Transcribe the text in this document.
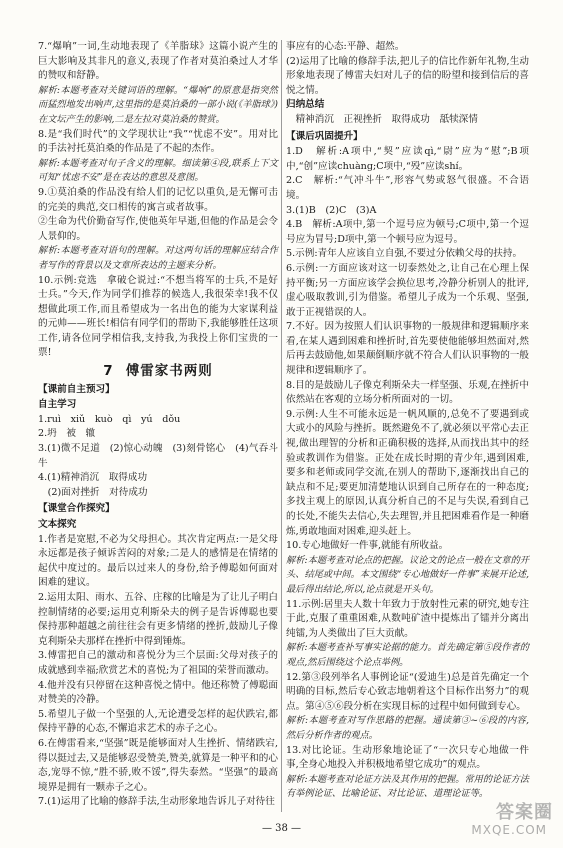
7.“爆响”一词,生动地表现了《羊脂球》这篇小说产生的巨大影响及其非凡的意义,表现了作者对莫泊桑过人才华的赞叹和舒静。

解析:本题考查对关键词语的理解。“爆响”的原意是指突然而猛烈地发出响声,这里指的是莫泊桑的一部小说(《羊脂球》)在文坛产生的影响,二是左拉对莫泊桑的赞赏。

8.是“我们时代”的文学现状让“我”“忧虑不安”。用对比的手法衬托莫泊桑的作品是了不起的杰作。

解析:本题考查对句子含义的理解。细读第④段,联系上下文可知“忧虑不安”是在表达的意思及意图。

9.①莫泊桑的作品没有给人们的记忆以重负,是无懈可击的完美的典范,交口相传的寓言或者故事。

②生命为代价勤奋写作,使他英年早逝,但他的作品是会令人景仰的。

解析:本题考查对语句的理解。对这两句话的理解应结合作者写作的背景以及文章所表达的主题来分析。

10.示例:竞选　拿破仑说过:“不想当将军的士兵,不是好士兵。”今天,作为同学们推荐的候选人,我很荣幸!我不仅想做此项工作,而且希望成为一名出色的能为大家谋利益的元帅——班长!相信有同学们的帮助下,我能够胜任这项工作,请各位同学相信我,支持我,为我投上你们宝贵的一票!

7 傅雷家书两则
【课前自主预习】
自主学习

1.ruì　xiǔ　kuò　qì　yú　dǒu

2.坍　被　辙

3.(1)微不足道　(2)惊心动魄　(3)刻骨铭心　(4)气吞斗牛

4.(1)精神消沉　取得成功

　(2)面对挫折　对待成功

【课堂合作探究】
文本探究

1.作者是宽慰,不必为父母担心。其次肯定两点:一是父母永远都是孩子倾诉苦闷的对象;二是人的感情是在情绪的起伏中度过的。最后以过来人的身份,给予傅聪如何面对困难的建议。

2.运用太阳、雨水、五谷、庄稼的比喻是为了让儿子明白控制情绪的必要;运用克利斯朵夫的例子是告诉傅聪也要保持那种超越之前往往会有更多情绪的挫折,鼓励儿子像克利斯朵夫那样在挫折中得到锤炼。

3.傅雷把自己的激动和喜悦分为三个层面:父母对孩子的成就感到幸福;欣赏艺术的喜悦;为了祖国的荣誉而激动。

4.他并没有只停留在这种喜悦之情中。他还称赞了傅聪面对赞美的冷静。

5.希望儿子做一个坚强的人,无论遭受怎样的起伏跌宕,都保持平静的心态,不懈追求艺术的赤子之心。

6.在傅雷看来,“坚强”既是能够面对人生挫折、情绪跌宕,得以挺过去,又是能够忍受赞美,赞美,就算是一种平和的心态,宠辱不惊,“胜不骄,败不馁”,得失泰然。“坚强”的最高境界是拥有一颗赤子之心。

7.(1)运用了比喻的修辞手法,生动形象地告诉儿子对待往

事应有的心态:平静、超然。

(2)运用了比喻的修辞手法,把儿子的信比作新年礼物,生动形象地表现了傅雷夫妇对儿子的信的盼望和接到信后的喜悦之情。

归纳总结

　精神消沉　正视挫折　取得成功　舐犊深情

【课后巩固提升】

1.D　解析:A项中,“契”应读qì,“尉”应为“慰”;B项中,“创”应读chuàng;C项中,“殁”应读shí。

2.C　解析:“气冲斗牛”,形容气势或怒气很盛。不合语境。

3.(1)B　(2)C　(3)A

4.B　解析:A项中,第一个逗号应为顿号;C项中,第一个逗号应为冒号;D项中,第一个顿号应为逗号。

5.示例:青年人应该自立自强,不要过分依赖父母的扶持。

6.示例:一方面应该对这一切泰然处之,让自己在心理上保持平衡;另一方面应该学会换位思考,冷静分析别人的批评,虚心吸取教训,引为借鉴。希望儿子成为一个乐观、坚强,敢于正视错误的人。

7.不好。因为按照人们认识事物的一般规律和逻辑顺序来看,在某人遇到困难和挫折时,首先要使他能够坦然面对,然后再去鼓励他,如果颠倒顺序就不符合人们认识事物的一般规律和逻辑顺序了。

8.目的是鼓励儿子像克利斯朵夫一样坚强、乐观,在挫折中依然站在客观的立场分析所面对的一切。

9.示例:人生不可能永远是一帆风顺的,总免不了要遇到或大或小的风险与挫折。既然避免不了,就必须以平常心去正视,做出理智的分析和正确积极的选择,从而找出其中的经验或教训作为借鉴。正处在成长时期的青少年,遇到困难,要多和老师或同学交流,在别人的帮助下,逐渐找出自己的缺点和不足;要更加清楚地认识到自己所存在的一种态度;多找主观上的原因,认真分析自己的不足与失误,看到自己的长处,不能失去信心,失去理智,并且把困难看作是一种磨炼,勇敢地面对困难,迎头赶上。

10.专心地做好一件事,就能有所收益。

解析:本题考查对论点的把握。议论文的论点一般在文章的开头、结尾或中间。本文围绕“专心地做好一件事”来展开论述,最后得出结论,所以,论点就是开头句。

11.示例:居里夫人数十年致力于放射性元素的研究,她专注于此,克服了重重困难,从数吨矿渣中提炼出了镭并分离出纯镭,为人类做出了巨大贡献。

解析:本题考查补写事实论据的能力。首先确定第⑤段作者的观点,然后围绕这个论点举例。

12.第③段列举名人事例论证“(爱迪生)总是首先确定一个明确的目标,然后专心致志地朝着这个目标作出努力”的观点。第④⑤⑥段分析在实现目标的过程中如何做到专心。

解析:本题考查对写作思路的把握。通读第③~⑥段的内容,然后分析作者的观点。

13.对比论证。生动形象地论证了“一次只专心地做一件事,全身心地投入并积极地希望它成功”的观点。

解析:本题考查对论证方法及其作用的把握。常用的论证方法有举例论证、比喻论证、对比论证、道理论证等。

— 38 —
答案圈
MXQE.COM
